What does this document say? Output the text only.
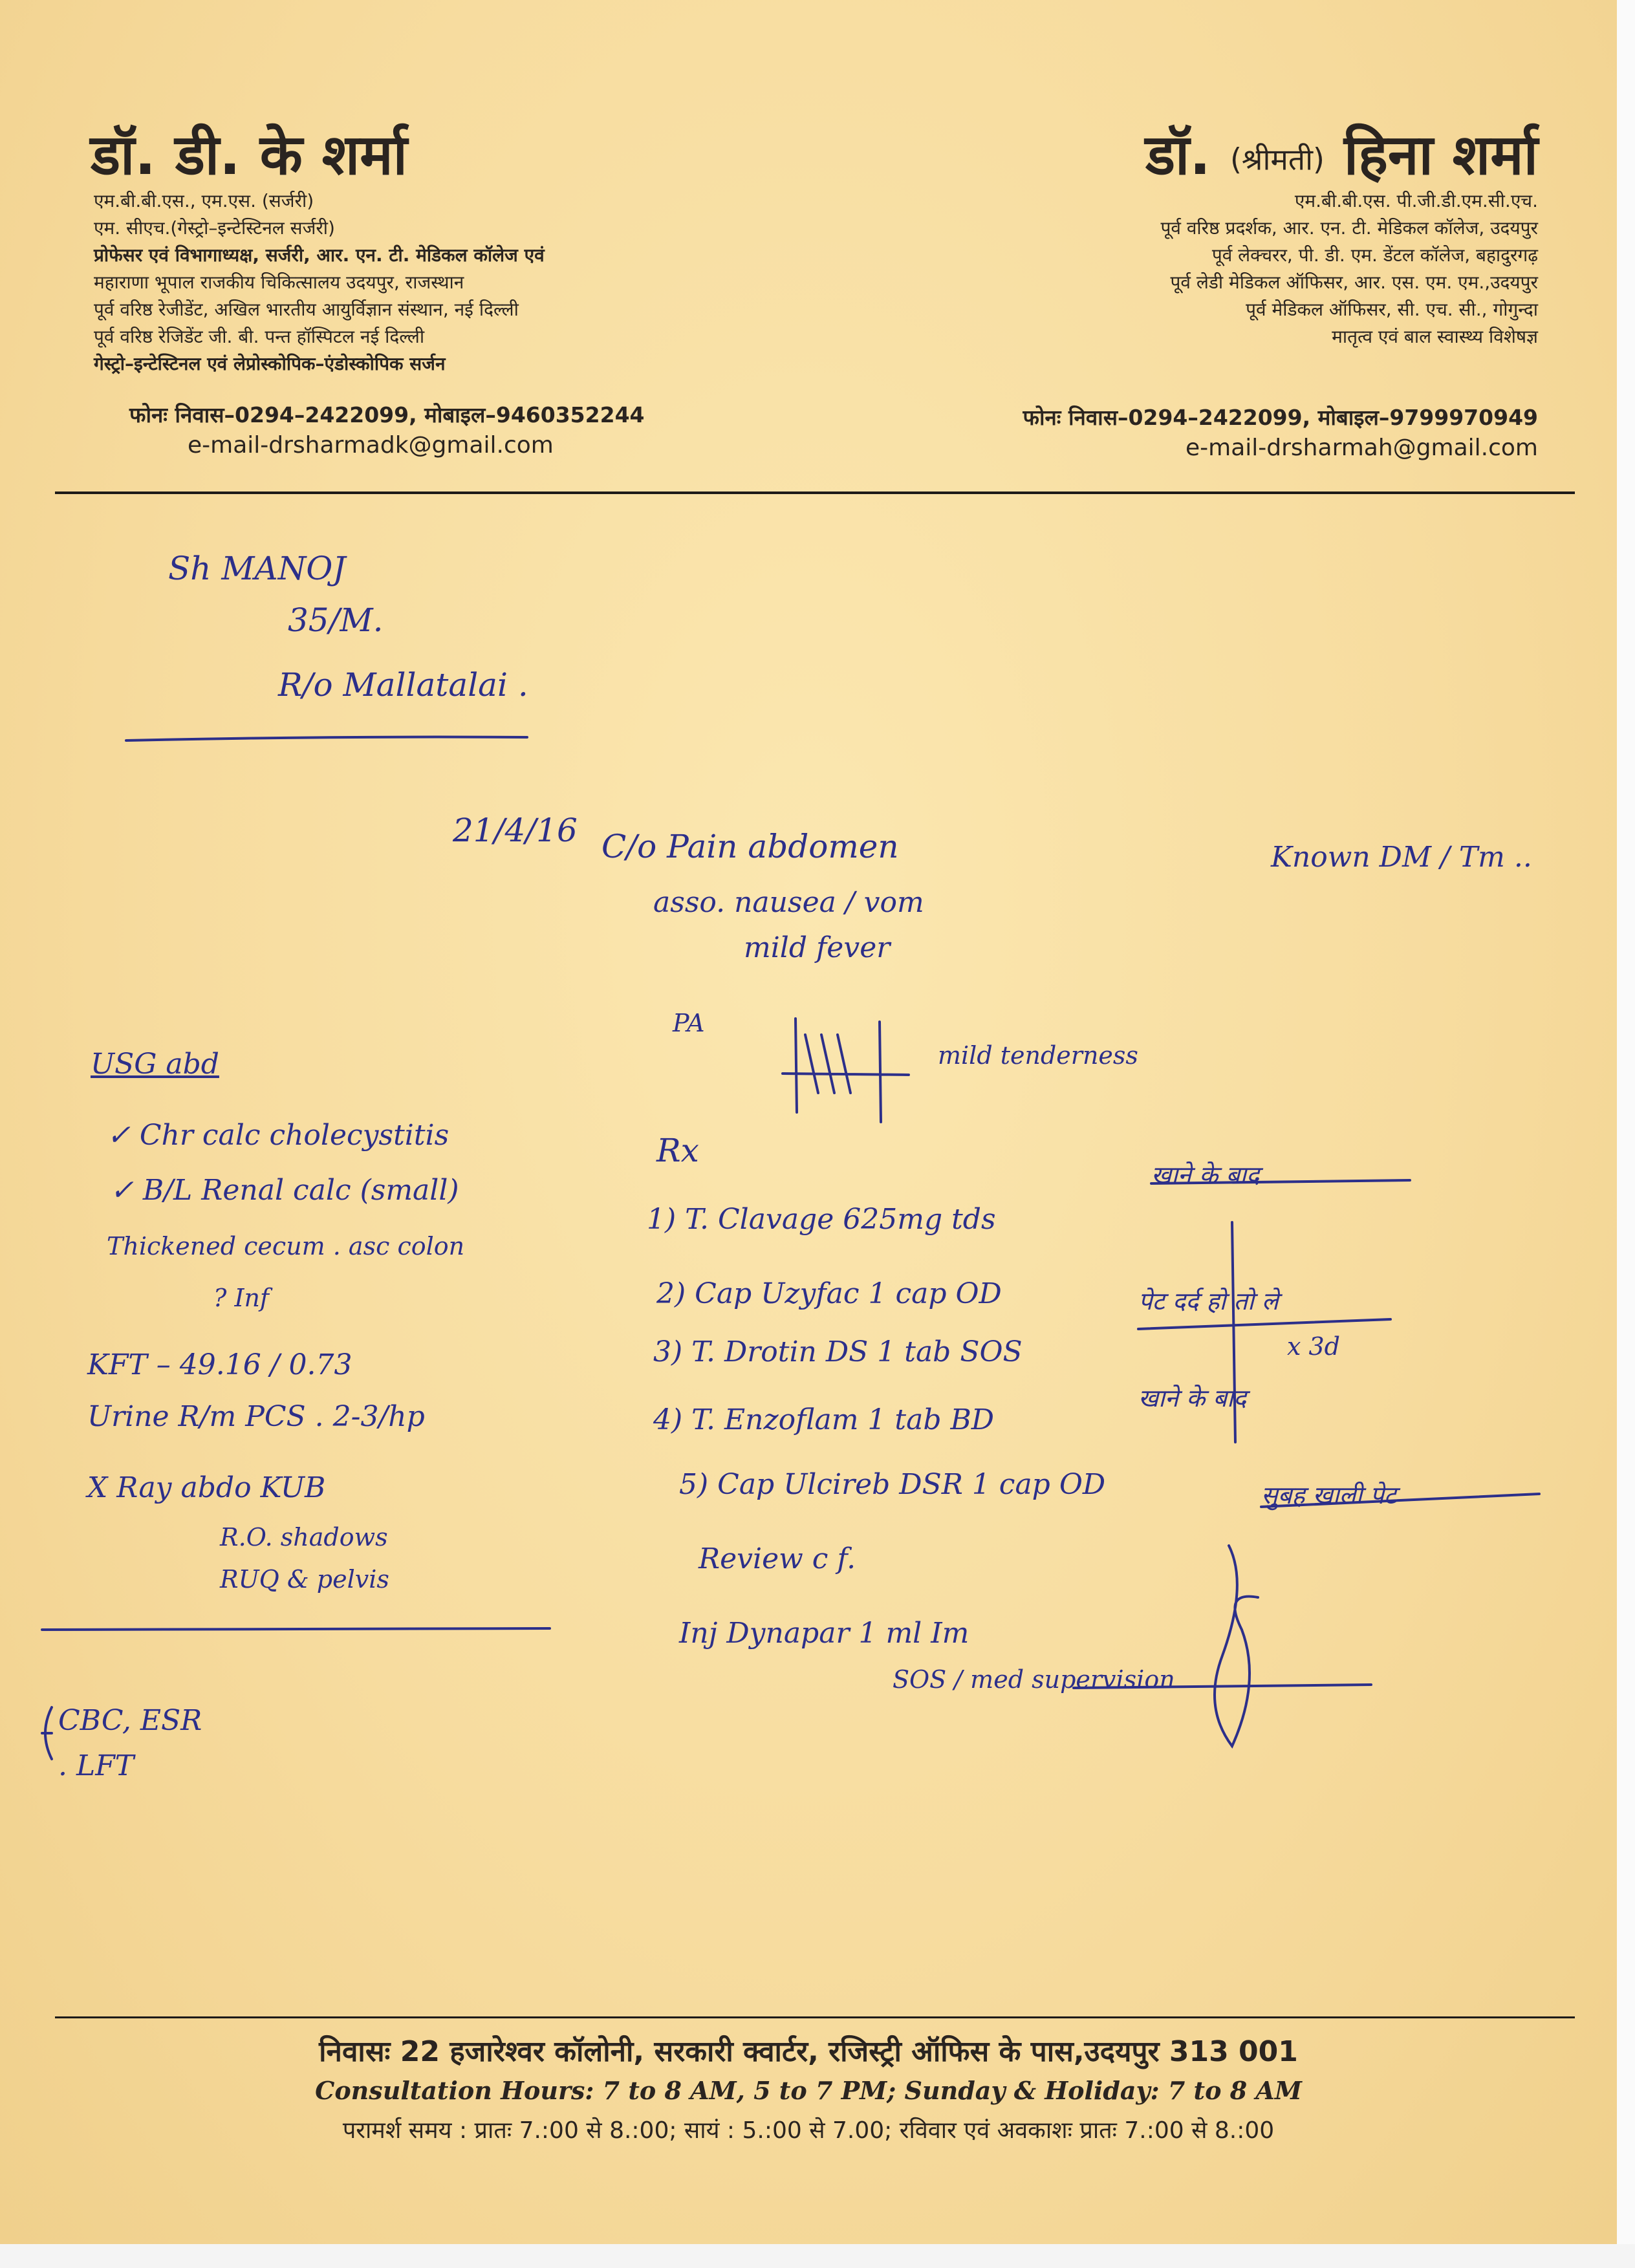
डॉ. डी. के शर्मा
एम.बी.बी.एस., एम.एस. (सर्जरी)
एम. सीएच.(गेस्ट्रो–इन्टेस्टिनल सर्जरी)
प्रोफेसर एवं विभागाध्यक्ष, सर्जरी, आर. एन. टी. मेडिकल कॉलेज एवं
महाराणा भूपाल राजकीय चिकित्सालय उदयपुर, राजस्थान
पूर्व वरिष्ठ रेजीडेंट, अखिल भारतीय आयुर्विज्ञान संस्थान, नई दिल्ली
पूर्व वरिष्ठ रेजिडेंट जी. बी. पन्त हॉस्पिटल नई दिल्ली
गेस्ट्रो–इन्टेस्टिनल एवं लेप्रोस्कोपिक–एंडोस्कोपिक सर्जन
फोनः निवास–0294–2422099, मोबाइल–9460352244
e-mail-drsharmadk@gmail.com
डॉ. (श्रीमती) हिना शर्मा
एम.बी.बी.एस. पी.जी.डी.एम.सी.एच.
पूर्व वरिष्ठ प्रदर्शक, आर. एन. टी. मेडिकल कॉलेज, उदयपुर
पूर्व लेक्चरर, पी. डी. एम. डेंटल कॉलेज, बहादुरगढ़
पूर्व लेडी मेडिकल ऑफिसर, आर. एस. एम. एम.,उदयपुर
पूर्व मेडिकल ऑफिसर, सी. एच. सी., गोगुन्दा
मातृत्व एवं बाल स्वास्थ्य विशेषज्ञ
फोनः निवास–0294–2422099, मोबाइल–9799970949
e-mail-drsharmah@gmail.com
Sh MANOJ
35/M.
R/o Mallatalai .
21/4/16 C/o Pain abdomen
asso. nausea / vom
mild fever
Known DM / Tm ..
PA
mild tenderness
USG abd
✓ Chr calc cholecystitis
✓ B/L Renal calc (small)
Thickened cecum . asc colon
? Inf
KFT – 49.16 / 0.73
Urine R/m PCS . 2-3/hp
X Ray abdo KUB
R.O. shadows
RUQ & pelvis
Rx
1) T. Clavage 625mg tds
2) Cap Uzyfac 1 cap OD
3) T. Drotin DS 1 tab SOS
4) T. Enzoflam 1 tab BD
5) Cap Ulcireb DSR 1 cap OD
खाने के बाद
पेट दर्द हो तो ले
x 3d
खाने के बाद
सुबह खाली पेट
Review c f.
Inj Dynapar 1 ml Im
SOS / med supervision
CBC, ESR
. LFT
निवासः 22 हजारेश्वर कॉलोनी, सरकारी क्वार्टर, रजिस्ट्री ऑफिस के पास,उदयपुर 313 001
Consultation Hours: 7 to 8 AM, 5 to 7 PM; Sunday & Holiday: 7 to 8 AM
परामर्श समय : प्रातः 7.:00 से 8.:00; सायं : 5.:00 से 7.00; रविवार एवं अवकाशः प्रातः 7.:00 से 8.:00
